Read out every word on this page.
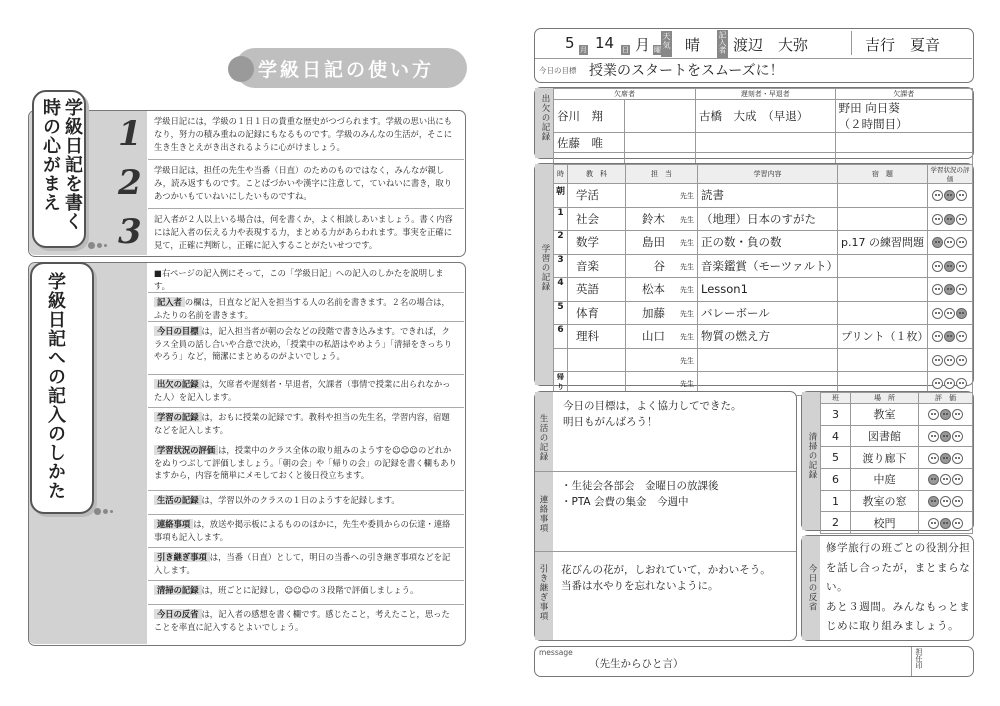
学級日記の使い方
学級日記を書く時の心がまえ	1	学級日記には，学級の１日１日の貴重な歴史がつづられます。学級の思い出にもなり，努力の積み重ねの記録にもなるものです。学級のみんなの生活が，そこに生き生きとえがき出されるように心がけましょう。
2	学級日記は，担任の先生や当番（日直）のためのものではなく，みんなが親しみ，読み返すものです。ことばづかいや漢字に注意して，ていねいに書き，取りあつかいもていねいにしたいものですね。
3	記入者が２人以上いる場合は，何を書くか，よく相談しあいましょう。書く内容には記入者の伝える力や表現する力，まとめる力があらわれます。事実を正確に見て，正確に判断し，正確に記入することがたいせつです。
学級日記への記入のしかた	■右ページの記入例にそって，この「学級日記」への記入のしかたを説明します。
記入者 の欄は，日直など記入を担当する人の名前を書きます。２名の場合は，ふたりの名前を書きます。
今日の目標 は，記入担当者が朝の会などの段階で書き込みます。できれば，クラス全員の話し合いや合意で決め，「授業中の私語はやめよう」「清掃をきっちりやろう」など，簡潔にまとめるのがよいでしょう。
出欠の記録 は，欠席者や遅刻者・早退者，欠課者（事情で授業に出られなかった人）を記入します。
学習の記録 は，おもに授業の記録です。教科や担当の先生名，学習内容，宿題などを記入します。
学習状況の評価 は，授業中のクラス全体の取り組みのようすを☺☺☺のどれかをぬりつぶして評価しましょう。「朝の会」や「帰りの会」の記録を書く欄もありますから，内容を簡単にメモしておくと後日役立ちます。
生活の記録 は，学習以外のクラスの１日のようすを記録します。
連絡事項 は，放送や掲示板によるもののほかに，先生や委員からの伝達・連絡事項も記入します。
引き継ぎ事項 は，当番（日直）として，明日の当番への引き継ぎ事項などを記入します。
清掃の記録 は，班ごとに記録し，☺☺☺の３段階で評価しましょう。
今日の反省 は，記入者の感想を書く欄です。感じたこと，考えたこと，思ったことを率直に記入するとよいでしょう。
5 月 14 日 月 曜 天気 晴 記入者 渡辺　大弥	吉行　夏音
今日の目標 授業のスタートをスムーズに！
出欠の記録	欠席者		遅刻者・早退者	欠課者
谷川　翔		古橋　大成　 （早退）	野田 向日葵 （２時間目）
佐藤　唯			

学習の記録
時	教　科	担　当	学習内容	宿　題	学習状況の評価
朝	学活	先生	読書		
1	社会	鈴木 先生	（地理）日本のすがた		
2	数学	島田 先生	正の数・負の数	p.17 の練習問題	
3	音楽	谷 先生	音楽鑑賞（モーツァルト）		
4	英語	松本 先生	Lesson1		
5	体育	加藤 先生	バレーボール		
6	理科	山口 先生	物質の燃え方	プリント（１枚）	

		先生			

帰り		先生			

生活の記録
今日の目標は，よく協力してできた。
明日もがんばろう！
連絡事項
・生徒会各部会　金曜日の放課後
・PTA 会費の集金　今週中
引き継ぎ事項 花びんの花が，しおれていて，かわいそう。
当番は水やりを忘れないように。
清掃の記録
班	場　所	評　価
3	教室	
4	図書館	
5	渡り廊下	
6	中庭	
1	教室の窓	
2	校門	
今日の反省
修学旅行の班ごとの役割分担
を話し合ったが，まとまらな
い。
あと３週間。みんなもっとま
じめに取り組みましょう。
message
（先生からひと言）	担任印
